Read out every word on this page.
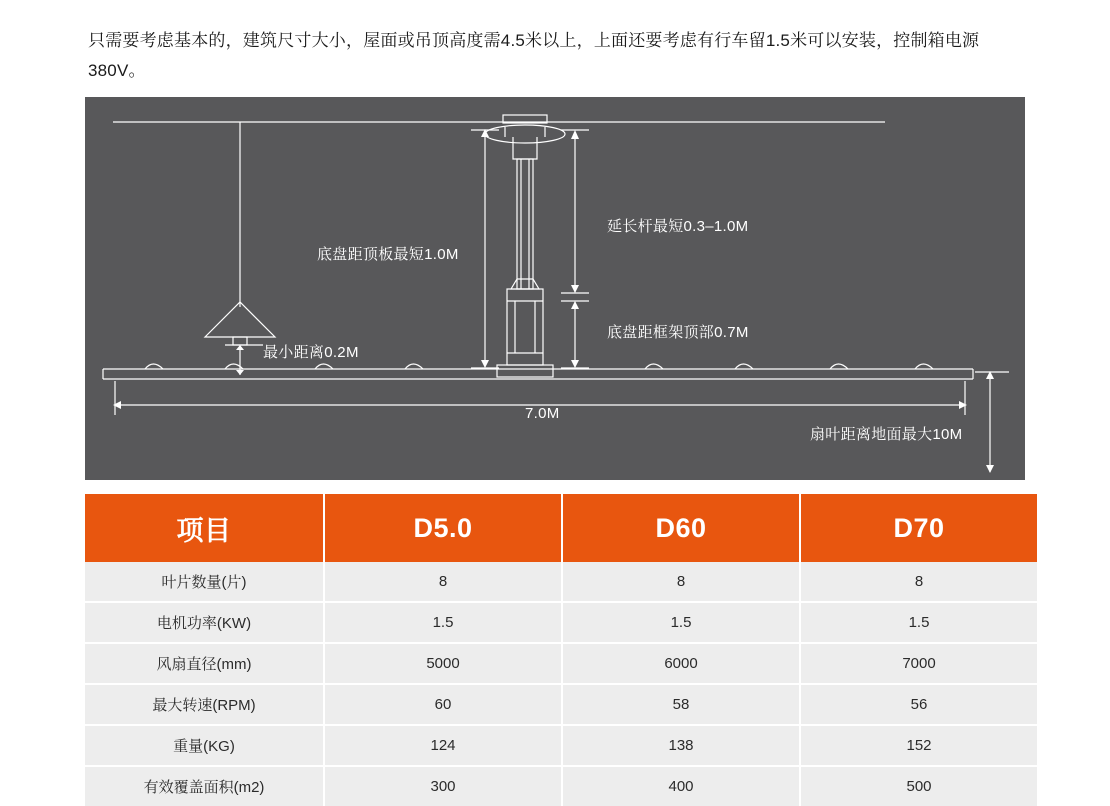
只需要考虑基本的，建筑尺寸大小，屋面或吊顶高度需4.5米以上，上面还要考虑有行车留1.5米可以安装，控制箱电源380V。
底盘距顶板最短1.0M
延长杆最短0.3–1.0M
底盘距框架顶部0.7M
最小距离0.2M
7.0M
扇叶距离地面最大10M
项目	D5.0	D60	D70
叶片数量(片)	8	8	8
电机功率(KW)	1.5	1.5	1.5
风扇直径(mm)	5000	6000	7000
最大转速(RPM)	60	58	56
重量(KG)	124	138	152
有效覆盖面积(m2)	300	400	500
